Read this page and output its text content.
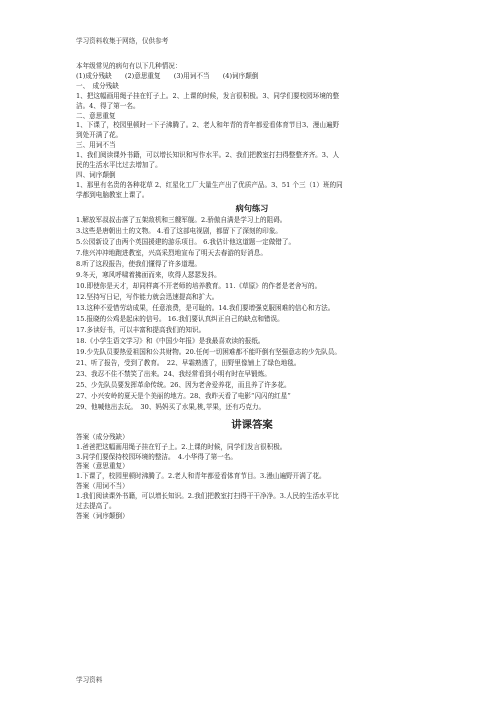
学习资料收集于网络，仅供参考
本年级常见的病句有以下几种情况：
(1)成分残缺　　(2)意思重复　　(3)用词不当　　(4)词序颠倒
一、　成分残缺
1、把这幅画用绳子挂在钉子上。2、上课的时候，发言很积极。3、同学们要校园环境的整
洁。4、得了第一名。
二、意思重复
1、下课了，校园里顿时一下子沸腾了。2、老人和年青的青年都爱看体育节目3、漫山遍野
到处开满了花。
三、用词不当
1、我们阅读课外书籍，可以增长知识和写作水平。2、我们把教室打扫得整整齐齐。3、人
民的生活水平比过去增加了。
四、词序颠倒
1、那里有名贵的各种花草 2、红星化工厂大量生产出了优质产品。3、51 个三（1）班的同
学都到电脑教室上课了。
病句练习
1.解放军叔叔击落了五架敌机和三艘军舰。2.骄傲自满是学习上的阻碍。
3.这些是唐朝出土的文物。 4.看了这部电视剧，都留下了深刻的印象。
5.公园新设了由两个英国援建的游乐项目。 6.我估计他这道题一定做错了。
7.他兴冲冲地跑进教室，兴高采烈地宣布了明天去春游的好消息。
8.听了这段报告，使我们懂得了许多道理。
9.冬天，寒风呼啸着拂面而来，吹得人瑟瑟发抖。
10.即使你是天才，却同样离不开老师的培养教育。11.《草原》的作者是老舍写的。
12.坚持写日记，写作能力就会迅速提高和扩大。
13.这种不爱惜劳动成果，任意浪费，是可耻的。14.我们要增强克服困难的信心和方法。
15.报晓的公鸡是起床的信号。 16.我们要认真纠正自己的缺点和错误。
17.多读好书，可以丰富和提高我们的知识。
18.《小学生语文学习》和《中国少年报》是我最喜欢读的报纸。
19.少先队员要热爱祖国和公共财物。20.任何一切困难都不能吓倒有坚强意志的少先队员。
21、听了报告，受到了教育。　22、早霜熟透了，田野里像铺上了绿色地毯。
23、我忍不住不禁笑了出来。24、我经常看到小明有时在早锻炼。
25、少先队员要发挥革命传统。26、因为老舍爱养花，而且养了许多花。
27、小兴安岭的夏天是个美丽的地方。28、我昨天看了电影“闪闪的红星”
29、他喊他出去玩。　30、妈妈买了水果,桃,苹果，还有巧克力。
讲课答案
答案（成分残缺）
1.爸爸把这幅画用绳子挂在钉子上。2.上课的时候，同学们发言很积极。
3.同学们要保持校园环境的整洁。　4.小华得了第一名。
答案（意思重复）
1.下课了，校园里顿时沸腾了。2.老人和青年都爱看体育节目。3.漫山遍野开满了花。
答案（用词不当）
1.我们阅读课外书籍，可以增长知识。2.我们把教室打扫得干干净净。3.人民的生活水平比
过去提高了。
答案（词序颠倒）
学习资料
